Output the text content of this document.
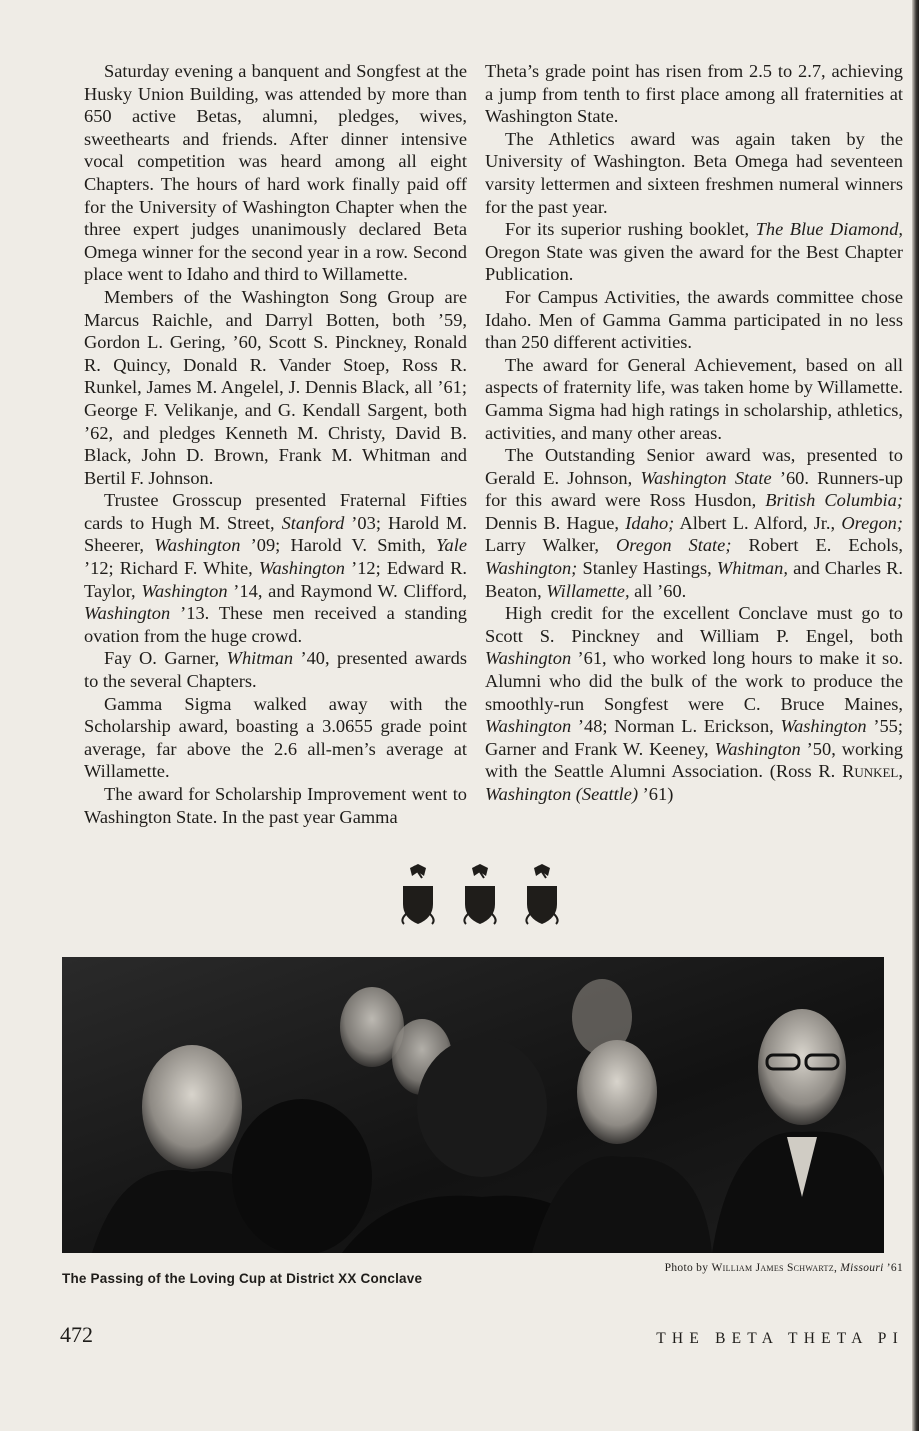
Saturday evening a banquent and Songfest at the Husky Union Building, was attended by more than 650 active Betas, alumni, pledges, wives, sweethearts and friends. After dinner intensive vocal competition was heard among all eight Chapters. The hours of hard work finally paid off for the University of Washington Chapter when the three expert judges unanimously declared Beta Omega winner for the second year in a row. Second place went to Idaho and third to Willamette.

Members of the Washington Song Group are Marcus Raichle, and Darryl Botten, both ’59, Gordon L. Gering, ’60, Scott S. Pinckney, Ronald R. Quincy, Donald R. Vander Stoep, Ross R. Runkel, James M. Angelel, J. Dennis Black, all ’61; George F. Velikanje, and G. Kendall Sargent, both ’62, and pledges Kenneth M. Christy, David B. Black, John D. Brown, Frank M. Whitman and Bertil F. Johnson.

Trustee Grosscup presented Fraternal Fifties cards to Hugh M. Street, Stanford ’03; Harold M. Sheerer, Washington ’09; Harold V. Smith, Yale ’12; Richard F. White, Washington ’12; Edward R. Taylor, Washington ’14, and Raymond W. Clifford, Washington ’13. These men received a standing ovation from the huge crowd.

Fay O. Garner, Whitman ’40, presented awards to the several Chapters.

Gamma Sigma walked away with the Scholarship award, boasting a 3.0655 grade point average, far above the 2.6 all-men’s average at Willamette.

The award for Scholarship Improvement went to Washington State. In the past year Gamma

Theta’s grade point has risen from 2.5 to 2.7, achieving a jump from tenth to first place among all fraternities at Washington State.

The Athletics award was again taken by the University of Washington. Beta Omega had seventeen varsity lettermen and sixteen freshmen numeral winners for the past year.

For its superior rushing booklet, The Blue Diamond, Oregon State was given the award for the Best Chapter Publication.

For Campus Activities, the awards committee chose Idaho. Men of Gamma Gamma participated in no less than 250 different activities.

The award for General Achievement, based on all aspects of fraternity life, was taken home by Willamette. Gamma Sigma had high ratings in scholarship, athletics, activities, and many other areas.

The Outstanding Senior award was, presented to Gerald E. Johnson, Washington State ’60. Runners-up for this award were Ross Husdon, British Columbia; Dennis B. Hague, Idaho; Albert L. Alford, Jr., Oregon; Larry Walker, Oregon State; Robert E. Echols, Washington; Stanley Hastings, Whitman, and Charles R. Beaton, Willamette, all ’60.

High credit for the excellent Conclave must go to Scott S. Pinckney and William P. Engel, both Washington ’61, who worked long hours to make it so. Alumni who did the bulk of the work to produce the smoothly-run Songfest were C. Bruce Maines, Washington ’48; Norman L. Erickson, Washington ’55; Garner and Frank W. Keeney, Washington ’50, working with the Seattle Alumni Association. (Ross R. Runkel, Washington (Seattle) ’61)

The Passing of the Loving Cup at District XX Conclave
Photo by William James Schwartz, Missouri ’61
472	THE BETA THETA PI
